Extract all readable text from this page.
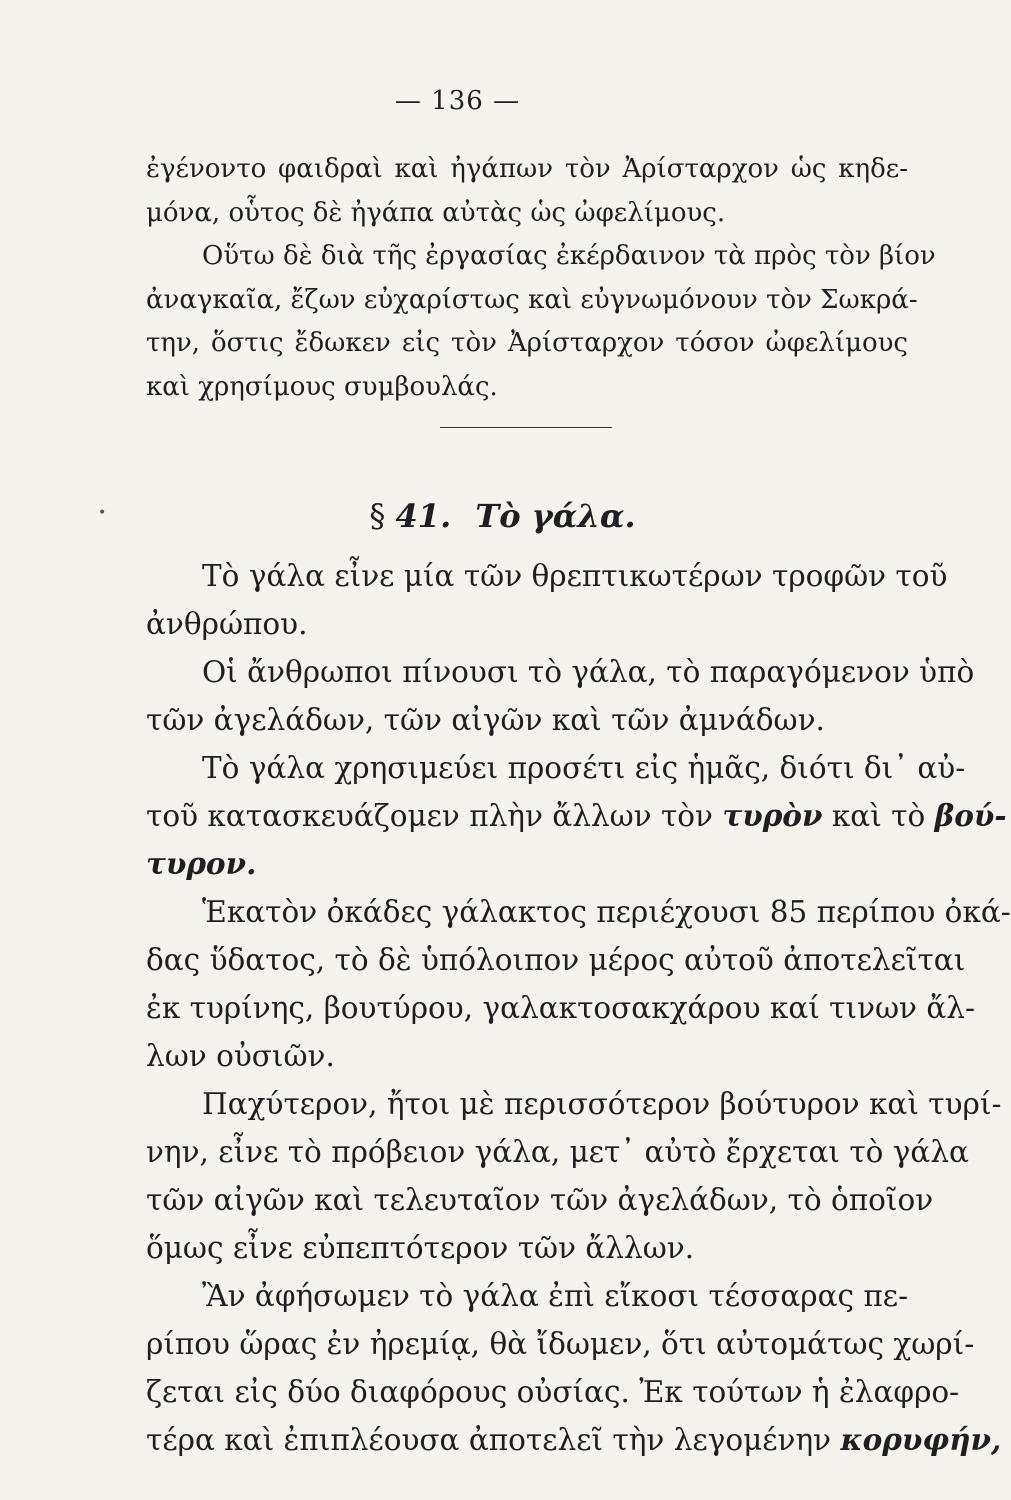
— 136 —
ἐγένοντο φαιδραὶ καὶ ἠγάπων τὸν Ἀρίσταρχον ὡς κηδε-
μόνα, οὗτος δὲ ἠγάπα αὐτὰς ὡς ὠφελίμους.
Οὕτω δὲ διὰ τῆς ἐργασίας ἐκέρδαινον τὰ πρὸς τὸν βίον
ἀναγκαῖα, ἔζων εὐχαρίστως καὶ εὐγνωμόνουν τὸν Σωκρά-
την, ὅστις ἔδωκεν εἰς τὸν Ἀρίσταρχον τόσον ὠφελίμους
καὶ χρησίμους συμβουλάς.
•	§ 41. Τὸ γάλα.
Τὸ γάλα εἶνε μία τῶν θρεπτικωτέρων τροφῶν τοῦ
ἀνθρώπου.
Οἱ ἄνθρωποι πίνουσι τὸ γάλα, τὸ παραγόμενον ὑπὸ
τῶν ἀγελάδων, τῶν αἰγῶν καὶ τῶν ἀμνάδων.
Τὸ γάλα χρησιμεύει προσέτι εἰς ἡμᾶς, διότι δι᾽ αὐ-
τοῦ κατασκευάζομεν πλὴν ἄλλων τὸν τυρὸν καὶ τὸ βού-
τυρον.
Ἑκατὸν ὀκάδες γάλακτος περιέχουσι 85 περίπου ὀκά-
δας ὕδατος, τὸ δὲ ὑπόλοιπον μέρος αὐτοῦ ἀποτελεῖται
ἐκ τυρίνης, βουτύρου, γαλακτοσακχάρου καί τινων ἄλ-
λων οὐσιῶν.
Παχύτερον, ἤτοι μὲ περισσότερον βούτυρον καὶ τυρί-
νην, εἶνε τὸ πρόβειον γάλα, μετ᾽ αὐτὸ ἔρχεται τὸ γάλα
τῶν αἰγῶν καὶ τελευταῖον τῶν ἀγελάδων, τὸ ὁποῖον
ὅμως εἶνε εὐπεπτότερον τῶν ἄλλων.
Ἂν ἀφήσωμεν τὸ γάλα ἐπὶ εἴκοσι τέσσαρας πε-
ρίπου ὥρας ἐν ἠρεμίᾳ, θὰ ἴδωμεν, ὅτι αὐτομάτως χωρί-
ζεται εἰς δύο διαφόρους οὐσίας. Ἐκ τούτων ἡ ἐλαφρο-
τέρα καὶ ἐπιπλέουσα ἀποτελεῖ τὴν λεγομένην κορυφήν,
